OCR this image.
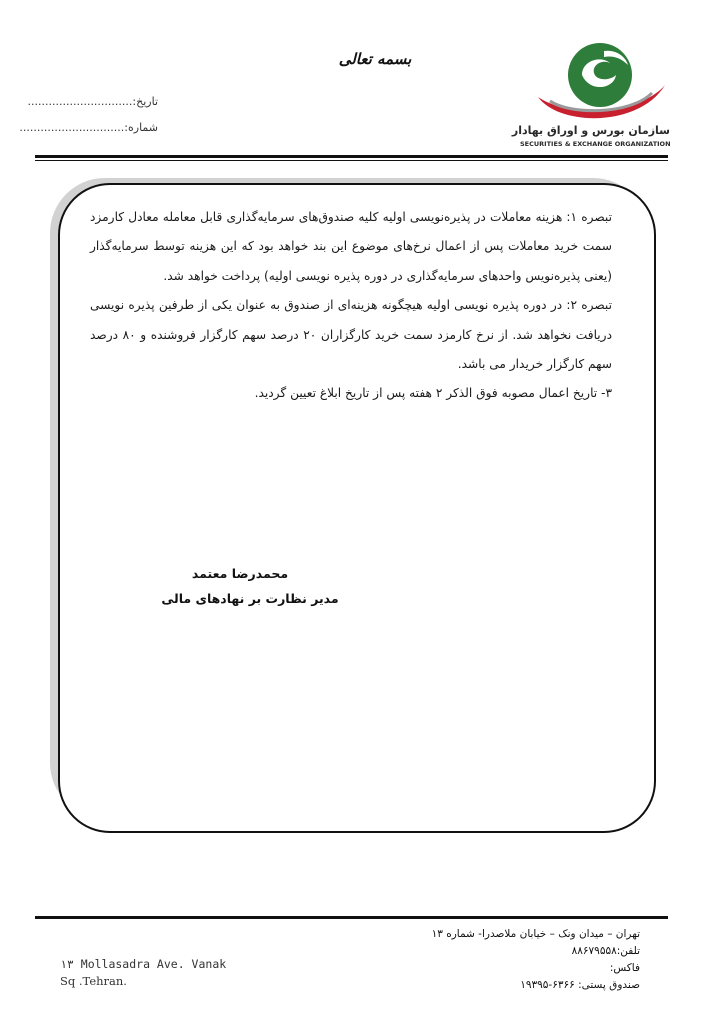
بسمه تعالی
تاریخ:..............................
شماره:..............................	سازمان بورس و اوراق بهادار
SECURITIES & EXCHANGE ORGANIZATION

تبصره ۱: هزینه معاملات در پذیره‌نویسی اولیه کلیه صندوق‌های سرمایه‌گذاری قابل معامله معادل کارمزد سمت خرید معاملات پس از اعمال نرخ‌های موضوع این بند خواهد بود که این هزینه توسط سرمایه‌گذار (یعنی پذیره‌نویس واحدهای سرمایه‌گذاری در دوره پذیره نویسی اولیه) پرداخت خواهد شد.

تبصره ۲: در دوره پذیره نویسی اولیه هیچگونه هزینه‌ای از صندوق به عنوان یکی از طرفین پذیره نویسی دریافت نخواهد شد. از نرخ کارمزد سمت خرید کارگزاران ۲۰ درصد سهم کارگزار فروشنده و ۸۰ درصد سهم کارگزار خریدار می باشد.

۳- تاریخ اعمال مصوبه فوق الذکر ۲ هفته پس از تاریخ ابلاغ تعیین گردید.

محمدرضا معتمد
مدیر نظارت بر نهادهای مالی
تهران – میدان ونک – خیابان ملاصدرا- شماره ۱۳
تلفن:۸۸۶۷۹۵۵۸
فاکس:
صندوق پستی: ۶۳۶۶-۱۹۳۹۵
۱۳ Mollasadra Ave. Vanak
Sq .Tehran.
